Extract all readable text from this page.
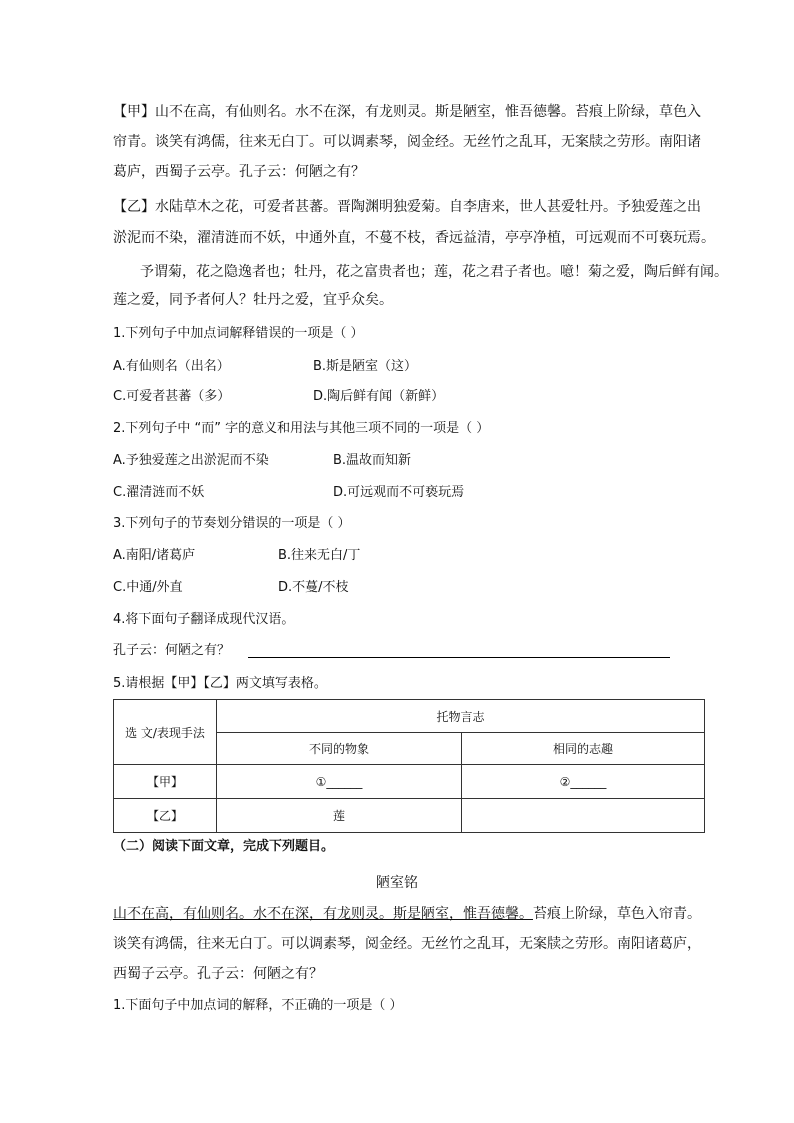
【甲】山不在高，有仙则名。水不在深，有龙则灵。斯是陋室，惟吾德馨。苔痕上阶绿，草色入
帘青。谈笑有鸿儒，往来无白丁。可以调素琴，阅金经。无丝竹之乱耳，无案牍之劳形。南阳诸
葛庐，西蜀子云亭。孔子云：何陋之有？
【乙】水陆草木之花，可爱者甚蕃。晋陶渊明独爱菊。自李唐来，世人甚爱牡丹。予独爱莲之出
淤泥而不染，濯清涟而不妖，中通外直，不蔓不枝，香远益清，亭亭净植，可远观而不可亵玩焉。
予谓菊，花之隐逸者也；牡丹，花之富贵者也；莲，花之君子者也。噫！菊之爱，陶后鲜有闻。
莲之爱，同予者何人？牡丹之爱，宜乎众矣。
1.下列句子中加点词解释错误的一项是（ ）
A.有仙则名（出名）	B.斯是陋室（这）
C.可爱者甚蕃（多）	D.陶后鲜有闻（新鲜）
2.下列句子中 “而” 字的意义和用法与其他三项不同的一项是（ ）
A.予独爱莲之出淤泥而不染	B.温故而知新
C.濯清涟而不妖	D.可远观而不可亵玩焉
3.下列句子的节奏划分错误的一项是（ ）
A.南阳/诸葛庐	B.往来无白/丁
C.中通/外直	D.不蔓/不枝
4.将下面句子翻译成现代汉语。
孔子云：何陋之有？
5.请根据【甲】【乙】两文填写表格。
选 文/表现手法	托物言志	
	不同的物象	相同的志趣
【甲】	①______	②______
【乙】	莲	
（二）阅读下面文章，完成下列题目。
陋室铭
山不在高，有仙则名。水不在深，有龙则灵。斯是陋室，惟吾德馨。苔痕上阶绿，草色入帘青。
谈笑有鸿儒，往来无白丁。可以调素琴，阅金经。无丝竹之乱耳，无案牍之劳形。南阳诸葛庐，
西蜀子云亭。孔子云：何陋之有？
1.下面句子中加点词的解释，不正确的一项是（ ）
